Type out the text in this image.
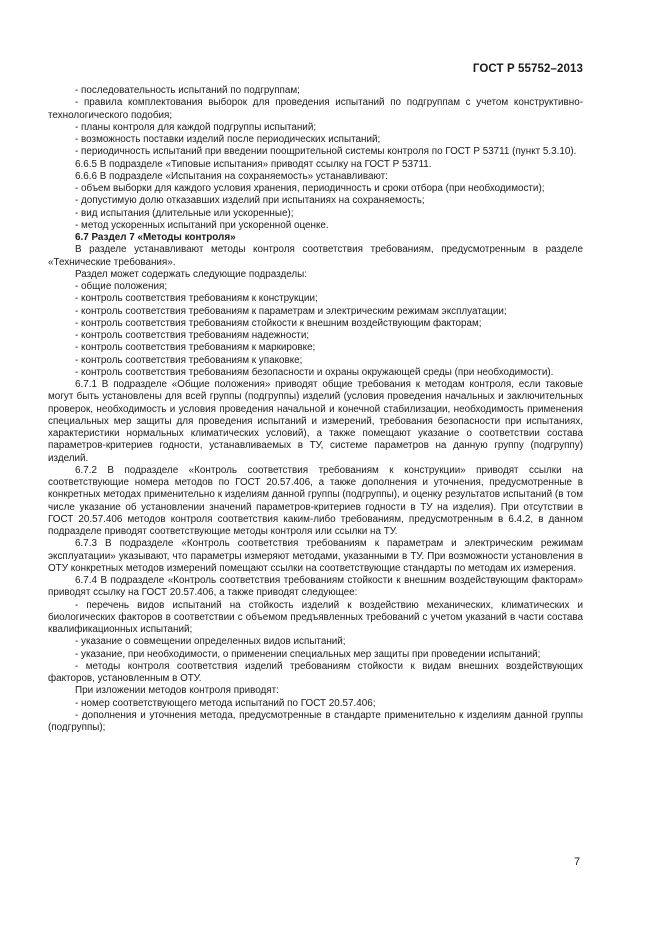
ГОСТ Р 55752–2013

- последовательность испытаний по подгруппам;

- правила комплектования выборок для проведения испытаний по подгруппам с учетом конструктивно-технологического подобия;

- планы контроля для каждой подгруппы испытаний;

- возможность поставки изделий после периодических испытаний;

- периодичность испытаний при введении поощрительной системы контроля по ГОСТ Р 53711 (пункт 5.3.10).

6.6.5 В подразделе «Типовые испытания» приводят ссылку на ГОСТ Р 53711.

6.6.6 В подразделе «Испытания на сохраняемость» устанавливают:

- объем выборки для каждого условия хранения, периодичность и сроки отбора (при необходимости);

- допустимую долю отказавших изделий при испытаниях на сохраняемость;

- вид испытания (длительные или ускоренные);

- метод ускоренных испытаний при ускоренной оценке.

6.7 Раздел 7 «Методы контроля»

В разделе устанавливают методы контроля соответствия требованиям, предусмотренным в разделе «Технические требования».

Раздел может содержать следующие подразделы:

- общие положения;

- контроль соответствия требованиям к конструкции;

- контроль соответствия требованиям к параметрам и электрическим режимам эксплуатации;

- контроль соответствия требованиям стойкости к внешним воздействующим факторам;

- контроль соответствия требованиям надежности;

- контроль соответствия требованиям к маркировке;

- контроль соответствия требованиям к упаковке;

- контроль соответствия требованиям безопасности и охраны окружающей среды (при необходимости).

6.7.1 В подразделе «Общие положения» приводят общие требования к методам контроля, если таковые могут быть установлены для всей группы (подгруппы) изделий (условия проведения начальных и заключительных проверок, необходимость и условия проведения начальной и конечной стабилизации, необходимость применения специальных мер защиты для проведения испытаний и измерений, требования безопасности при испытаниях, характеристики нормальных климатических условий), а также помещают указание о соответствии состава параметров-критериев годности, устанавливаемых в ТУ, системе параметров на данную группу (подгруппу) изделий.

6.7.2 В подразделе «Контроль соответствия требованиям к конструкции» приводят ссылки на соответствующие номера методов по ГОСТ 20.57.406, а также дополнения и уточнения, предусмотренные в конкретных методах применительно к изделиям данной группы (подгруппы), и оценку результатов испытаний (в том числе указание об установлении значений параметров-критериев годности в ТУ на изделия). При отсутствии в ГОСТ 20.57.406 методов контроля соответствия каким-либо требованиям, предусмотренным в 6.4.2, в данном подразделе приводят соответствующие методы контроля или ссылки на ТУ.

6.7.3 В подразделе «Контроль соответствия требованиям к параметрам и электрическим режимам эксплуатации» указывают, что параметры измеряют методами, указанными в ТУ. При возможности установления в ОТУ конкретных методов измерений помещают ссылки на соответствующие стандарты по методам их измерения.

6.7.4 В подразделе «Контроль соответствия требованиям стойкости к внешним воздействующим факторам» приводят ссылку на ГОСТ 20.57.406, а также приводят следующее:

- перечень видов испытаний на стойкость изделий к воздействию механических, климатических и биологических факторов в соответствии с объемом предъявленных требований с учетом указаний в части состава квалификационных испытаний;

- указание о совмещении определенных видов испытаний;

- указание, при необходимости, о применении специальных мер защиты при проведении испытаний;

- методы контроля соответствия изделий требованиям стойкости к видам внешних воздействующих факторов, установленным в ОТУ.

При изложении методов контроля приводят:

- номер соответствующего метода испытаний по ГОСТ 20.57.406;

- дополнения и уточнения метода, предусмотренные в стандарте применительно к изделиям данной группы (подгруппы);

7
